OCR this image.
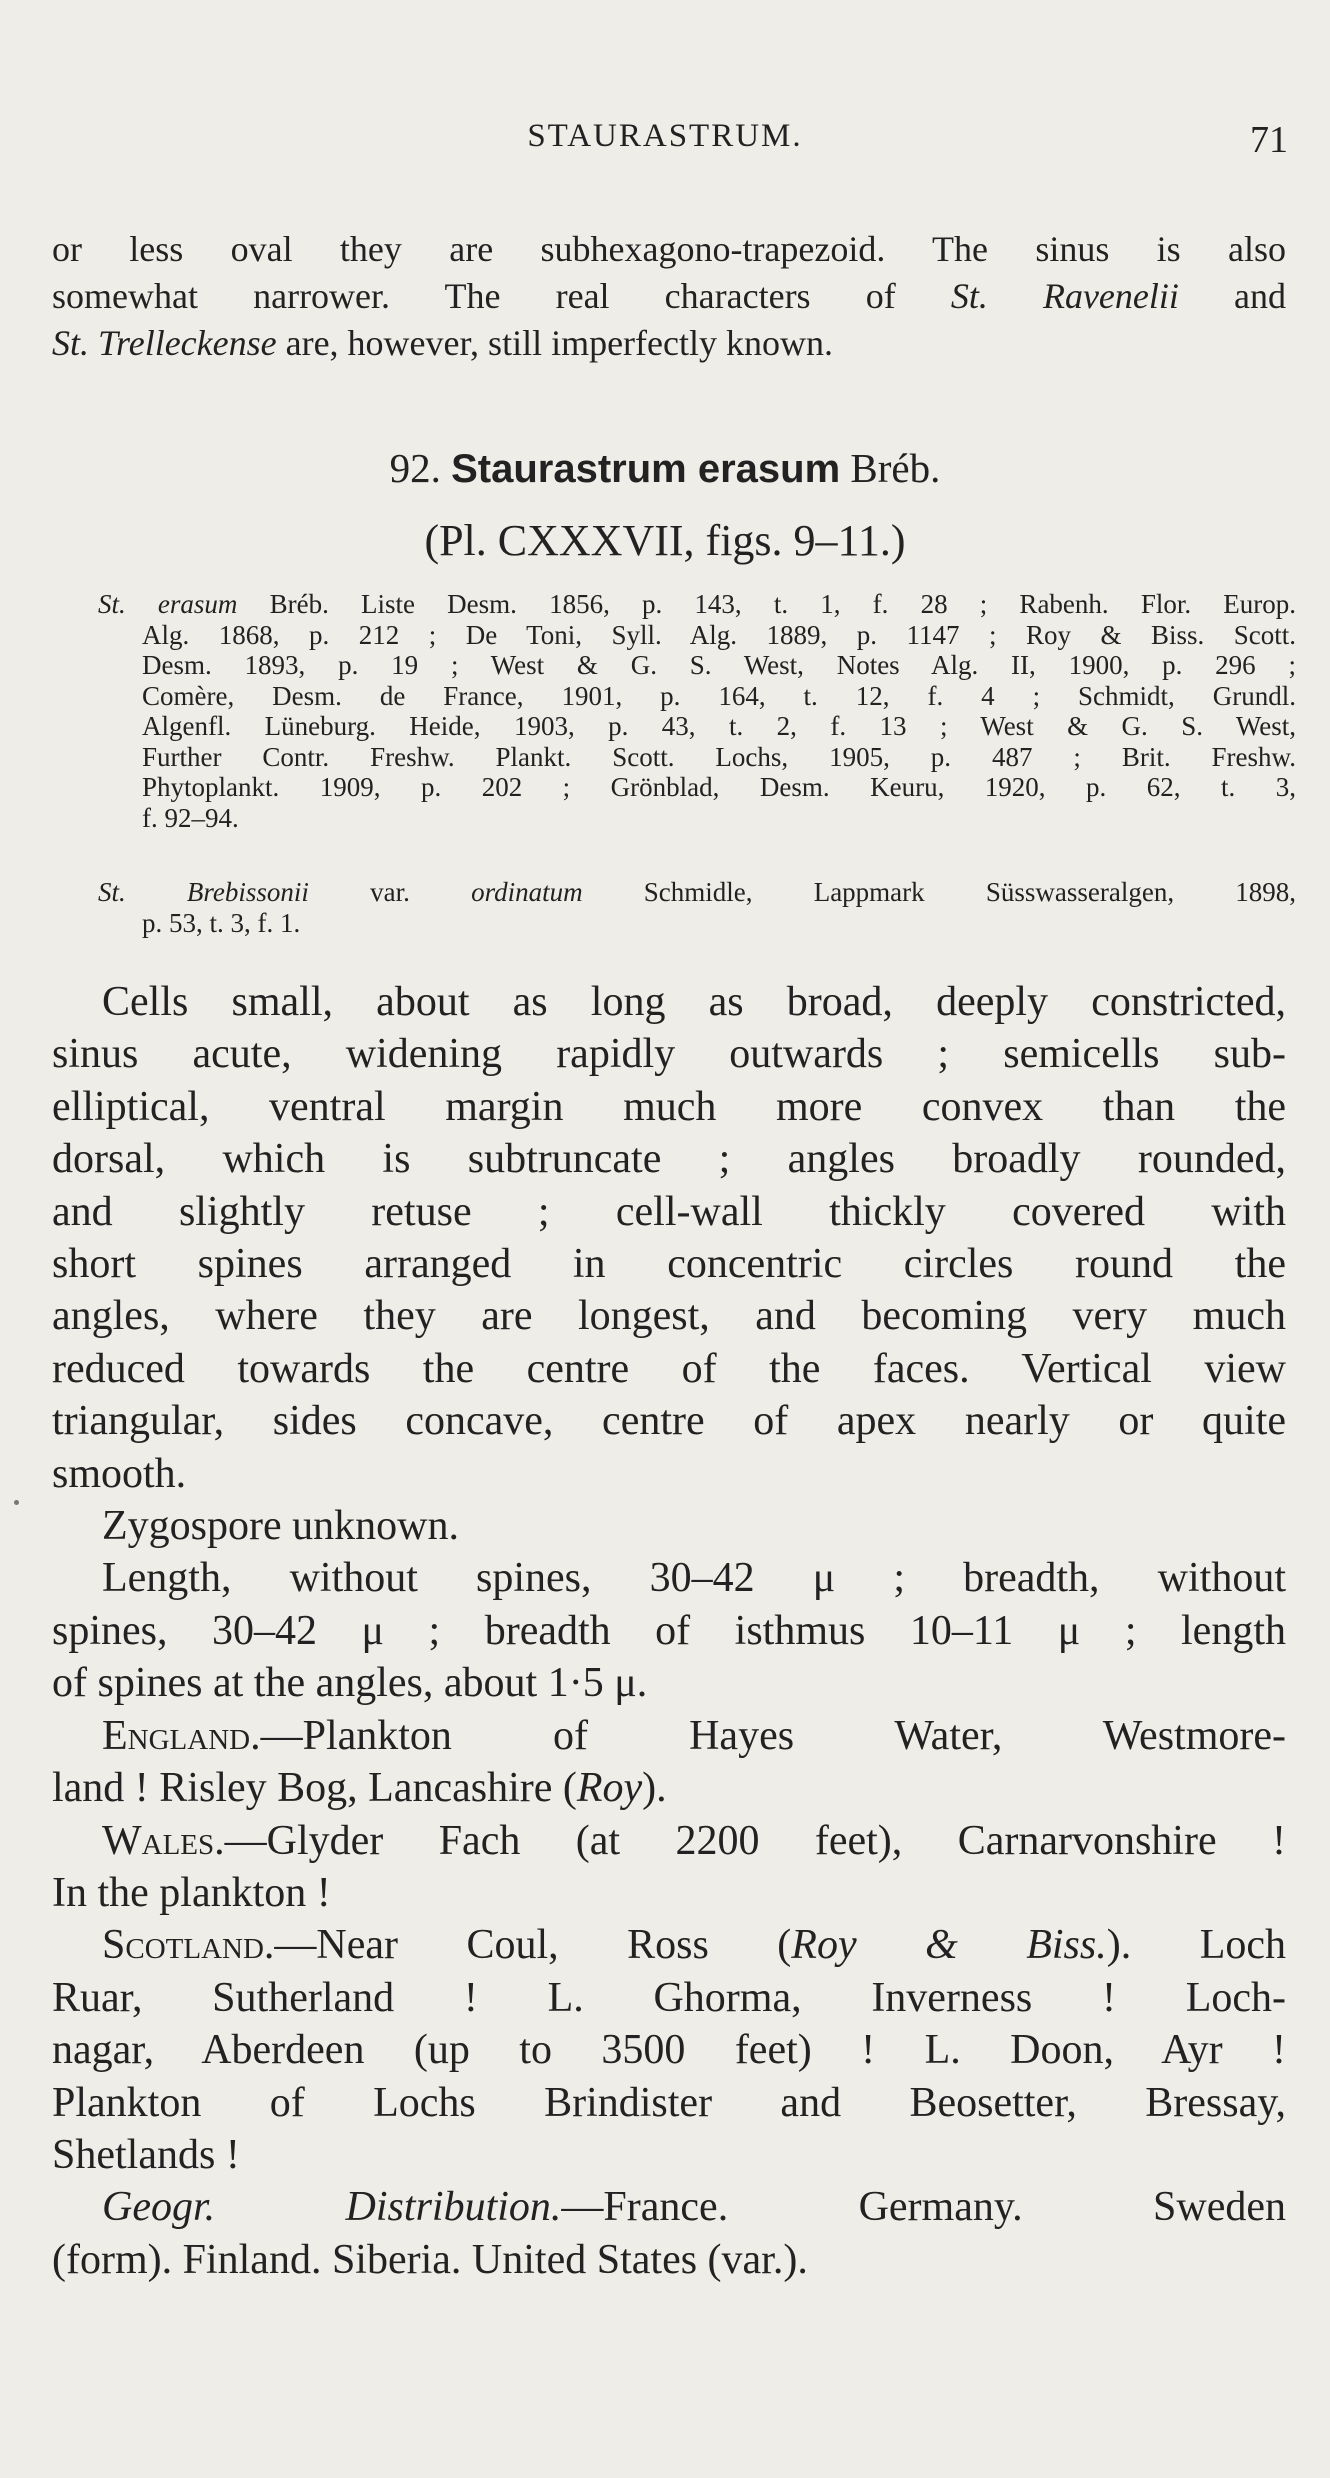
STAURASTRUM.	71
or less oval they are subhexagono-trapezoid. The sinus is also
somewhat narrower. The real characters of St. Ravenelii and
St. Trelleckense are, however, still imperfectly known.
92. Staurastrum erasum Bréb.
(Pl. CXXXVII, figs. 9–11.)
St. erasum Bréb. Liste Desm. 1856, p. 143, t. 1, f. 28 ; Rabenh. Flor. Europ.
Alg. 1868, p. 212 ; De Toni, Syll. Alg. 1889, p. 1147 ; Roy & Biss. Scott.
Desm. 1893, p. 19 ; West & G. S. West, Notes Alg. II, 1900, p. 296 ;
Comère, Desm. de France, 1901, p. 164, t. 12, f. 4 ; Schmidt, Grundl.
Algenfl. Lüneburg. Heide, 1903, p. 43, t. 2, f. 13 ; West & G. S. West,
Further Contr. Freshw. Plankt. Scott. Lochs, 1905, p. 487 ; Brit. Freshw.
Phytoplankt. 1909, p. 202 ; Grönblad, Desm. Keuru, 1920, p. 62, t. 3,
f. 92–94.
St. Brebissonii var. ordinatum Schmidle, Lappmark Süsswasseralgen, 1898,
p. 53, t. 3, f. 1.
Cells small, about as long as broad, deeply constricted,
sinus acute, widening rapidly outwards ; semicells sub-
elliptical, ventral margin much more convex than the
dorsal, which is subtruncate ; angles broadly rounded,
and slightly retuse ; cell-wall thickly covered with
short spines arranged in concentric circles round the
angles, where they are longest, and becoming very much
reduced towards the centre of the faces. Vertical view
triangular, sides concave, centre of apex nearly or quite
smooth.
Zygospore unknown.
Length, without spines, 30–42 μ ; breadth, without
spines, 30–42 μ ; breadth of isthmus 10–11 μ ; length
of spines at the angles, about 1·5 μ.
England.—Plankton of Hayes Water, Westmore-
land ! Risley Bog, Lancashire (Roy).
Wales.—Glyder Fach (at 2200 feet), Carnarvonshire !
In the plankton !
Scotland.—Near Coul, Ross (Roy & Biss.). Loch
Ruar, Sutherland ! L. Ghorma, Inverness ! Loch-
nagar, Aberdeen (up to 3500 feet) ! L. Doon, Ayr !
Plankton of Lochs Brindister and Beosetter, Bressay,
Shetlands !
Geogr. Distribution.—France. Germany. Sweden
(form). Finland. Siberia. United States (var.).
